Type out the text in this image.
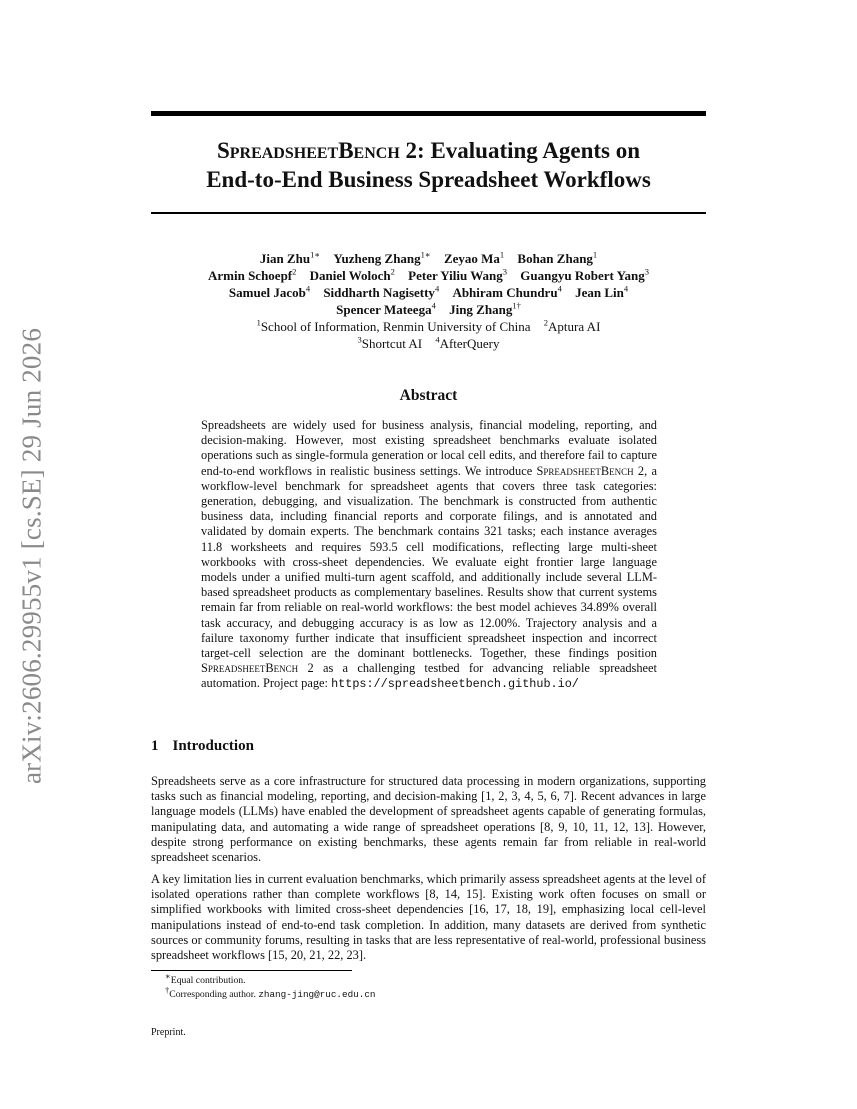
arXiv:2606.29955v1 [cs.SE] 29 Jun 2026
SpreadsheetBench 2: Evaluating Agents on
End-to-End Business Spreadsheet Workflows
Jian Zhu$^{1∗}$ Yuzheng Zhang$^{1∗}$ Zeyao Ma$^1$ Bohan Zhang$^1$
Armin Schoepf$^2$ Daniel Woloch$^2$ Peter Yiliu Wang$^3$ Guangyu Robert Yang$^3$
Samuel Jacob$^4$ Siddharth Nagisetty$^4$ Abhiram Chundru$^4$ Jean Lin$^4$
Spencer Mateega$^4$ Jing Zhang$^{1\dagger}$
$^1$School of Information, Renmin University of China $^2$Aptura AI
$^3$Shortcut AI $^4$AfterQuery
Abstract

Spreadsheets are widely used for business analysis, financial modeling, reporting, and decision-making. However, most existing spreadsheet benchmarks evaluate isolated operations such as single-formula generation or local cell edits, and therefore fail to capture end-to-end workflows in realistic business settings. We introduce SpreadsheetBench 2, a workflow-level benchmark for spreadsheet agents that covers three task categories: generation, debugging, and visualization. The benchmark is constructed from authentic business data, including financial reports and corporate filings, and is annotated and validated by domain experts. The benchmark contains 321 tasks; each instance averages 11.8 worksheets and requires 593.5 cell modifications, reflecting large multi-sheet workbooks with cross-sheet dependencies. We evaluate eight frontier large language models under a unified multi-turn agent scaffold, and additionally include several LLM-based spreadsheet products as complementary baselines. Results show that current systems remain far from reliable on real-world workflows: the best model achieves 34.89% overall task accuracy, and debugging accuracy is as low as 12.00%. Trajectory analysis and a failure taxonomy further indicate that insufficient spreadsheet inspection and incorrect target-cell selection are the dominant bottlenecks. Together, these findings position SpreadsheetBench 2 as a challenging testbed for advancing reliable spreadsheet automation. Project page: https://spreadsheetbench.github.io/

1 Introduction

Spreadsheets serve as a core infrastructure for structured data processing in modern organizations, supporting tasks such as financial modeling, reporting, and decision-making [1, 2, 3, 4, 5, 6, 7]. Recent advances in large language models (LLMs) have enabled the development of spreadsheet agents capable of generating formulas, manipulating data, and automating a wide range of spreadsheet operations [8, 9, 10, 11, 12, 13]. However, despite strong performance on existing benchmarks, these agents remain far from reliable in real-world spreadsheet scenarios.

A key limitation lies in current evaluation benchmarks, which primarily assess spreadsheet agents at the level of isolated operations rather than complete workflows [8, 14, 15]. Existing work often focuses on small or simplified workbooks with limited cross-sheet dependencies [16, 17, 18, 19], emphasizing local cell-level manipulations instead of end-to-end task completion. In addition, many datasets are derived from synthetic sources or community forums, resulting in tasks that are less representative of real-world, professional business spreadsheet workflows [15, 20, 21, 22, 23].

∗Equal contribution.

†Corresponding author. zhang-jing@ruc.edu.cn

Preprint.
